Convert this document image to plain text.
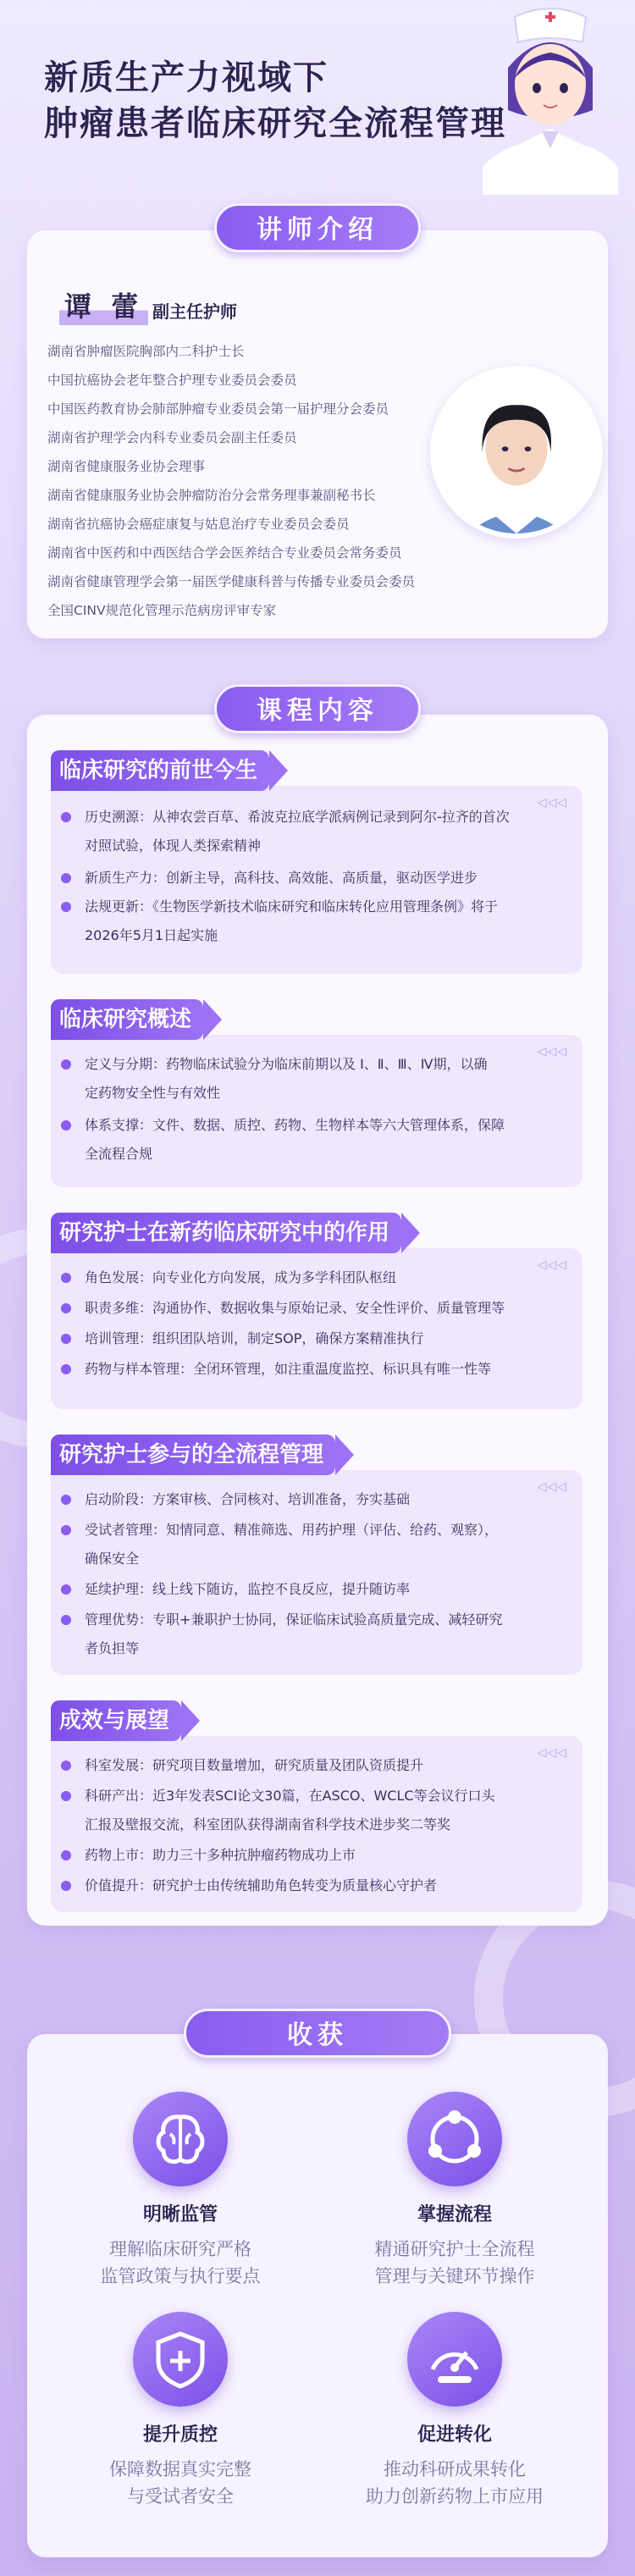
新质生产力视域下
肿瘤患者临床研究全流程管理
讲师介绍
谭 蕾 副主任护师
湖南省肿瘤医院胸部内二科护士长
中国抗癌协会老年整合护理专业委员会委员
中国医药教育协会肺部肿瘤专业委员会第一届护理分会委员
湖南省护理学会内科专业委员会副主任委员
湖南省健康服务业协会理事
湖南省健康服务业协会肿瘤防治分会常务理事兼副秘书长
湖南省抗癌协会癌症康复与姑息治疗专业委员会委员
湖南省中医药和中西医结合学会医养结合专业委员会常务委员
湖南省健康管理学会第一届医学健康科普与传播专业委员会委员
全国CINV规范化管理示范病房评审专家
课程内容
◁◁◁
临床研究的前世今生
历史溯源：从神农尝百草、希波克拉底学派病例记录到阿尔-拉齐的首次
对照试验，体现人类探索精神
新质生产力：创新主导，高科技、高效能、高质量，驱动医学进步
法规更新：《生物医学新技术临床研究和临床转化应用管理条例》将于
2026年5月1日起实施
◁◁◁
临床研究概述
定义与分期：药物临床试验分为临床前期以及 Ⅰ、Ⅱ、Ⅲ、Ⅳ期，以确
定药物安全性与有效性
体系支撑：文件、数据、质控、药物、生物样本等六大管理体系，保障
全流程合规
◁◁◁
研究护士在新药临床研究中的作用
角色发展：向专业化方向发展，成为多学科团队枢纽
职责多维：沟通协作、数据收集与原始记录、安全性评价、质量管理等
培训管理：组织团队培训，制定SOP，确保方案精准执行
药物与样本管理：全闭环管理，如注重温度监控、标识具有唯一性等
◁◁◁
研究护士参与的全流程管理
启动阶段：方案审核、合同核对、培训准备，夯实基础
受试者管理：知情同意、精准筛选、用药护理（评估、给药、观察），
确保安全
延续护理：线上线下随访，监控不良反应，提升随访率
管理优势：专职+兼职护士协同，保证临床试验高质量完成、减轻研究
者负担等
◁◁◁
成效与展望
科室发展：研究项目数量增加，研究质量及团队资质提升
科研产出：近3年发表SCI论文30篇，在ASCO、WCLC等会议行口头
汇报及壁报交流，科室团队获得湖南省科学技术进步奖二等奖
药物上市：助力三十多种抗肿瘤药物成功上市
价值提升：研究护士由传统辅助角色转变为质量核心守护者
收获
明晰监管
理解临床研究严格
监管政策与执行要点
掌握流程
精通研究护士全流程
管理与关键环节操作
提升质控
保障数据真实完整
与受试者安全
促进转化
推动科研成果转化
助力创新药物上市应用
